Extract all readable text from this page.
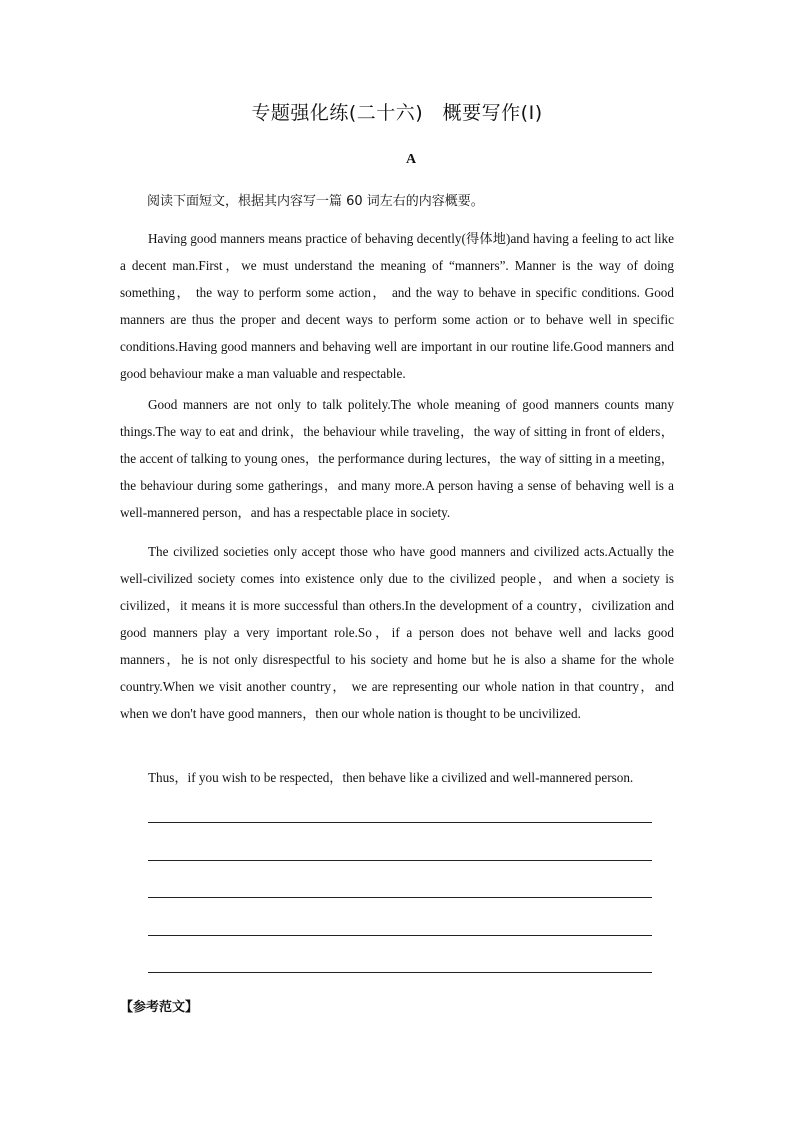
专题强化练(二十六)　概要写作(Ⅰ)
A
阅读下面短文，根据其内容写一篇 60 词左右的内容概要。

Having good manners means practice of behaving decently(得体地)and having a feeling to act like a decent man.First，we must understand the meaning of “manners”. Manner is the way of doing something， the way to perform some action， and the way to behave in specific conditions. Good manners are thus the proper and decent ways to perform some action or to behave well in specific conditions.Having good manners and behaving well are important in our routine life.Good manners and good behaviour make a man valuable and respectable.

Good manners are not only to talk politely.The whole meaning of good manners counts many things.The way to eat and drink，the behaviour while traveling，the way of sitting in front of elders，the accent of talking to young ones，the performance during lectures，the way of sitting in a meeting，the behaviour during some gatherings，and many more.A person having a sense of behaving well is a well-mannered person，and has a respectable place in society.

The civilized societies only accept those who have good manners and civilized acts.Actually the well-civilized society comes into existence only due to the civilized people，and when a society is civilized，it means it is more successful than others.In the development of a country，civilization and good manners play a very important role.So，if a person does not behave well and lacks good manners，he is not only disrespectful to his society and home but he is also a shame for the whole country.When we visit another country， we are representing our whole nation in that country，and when we don't have good manners，then our whole nation is thought to be uncivilized.

Thus，if you wish to be respected，then behave like a civilized and well-mannered person.

【参考范文】
